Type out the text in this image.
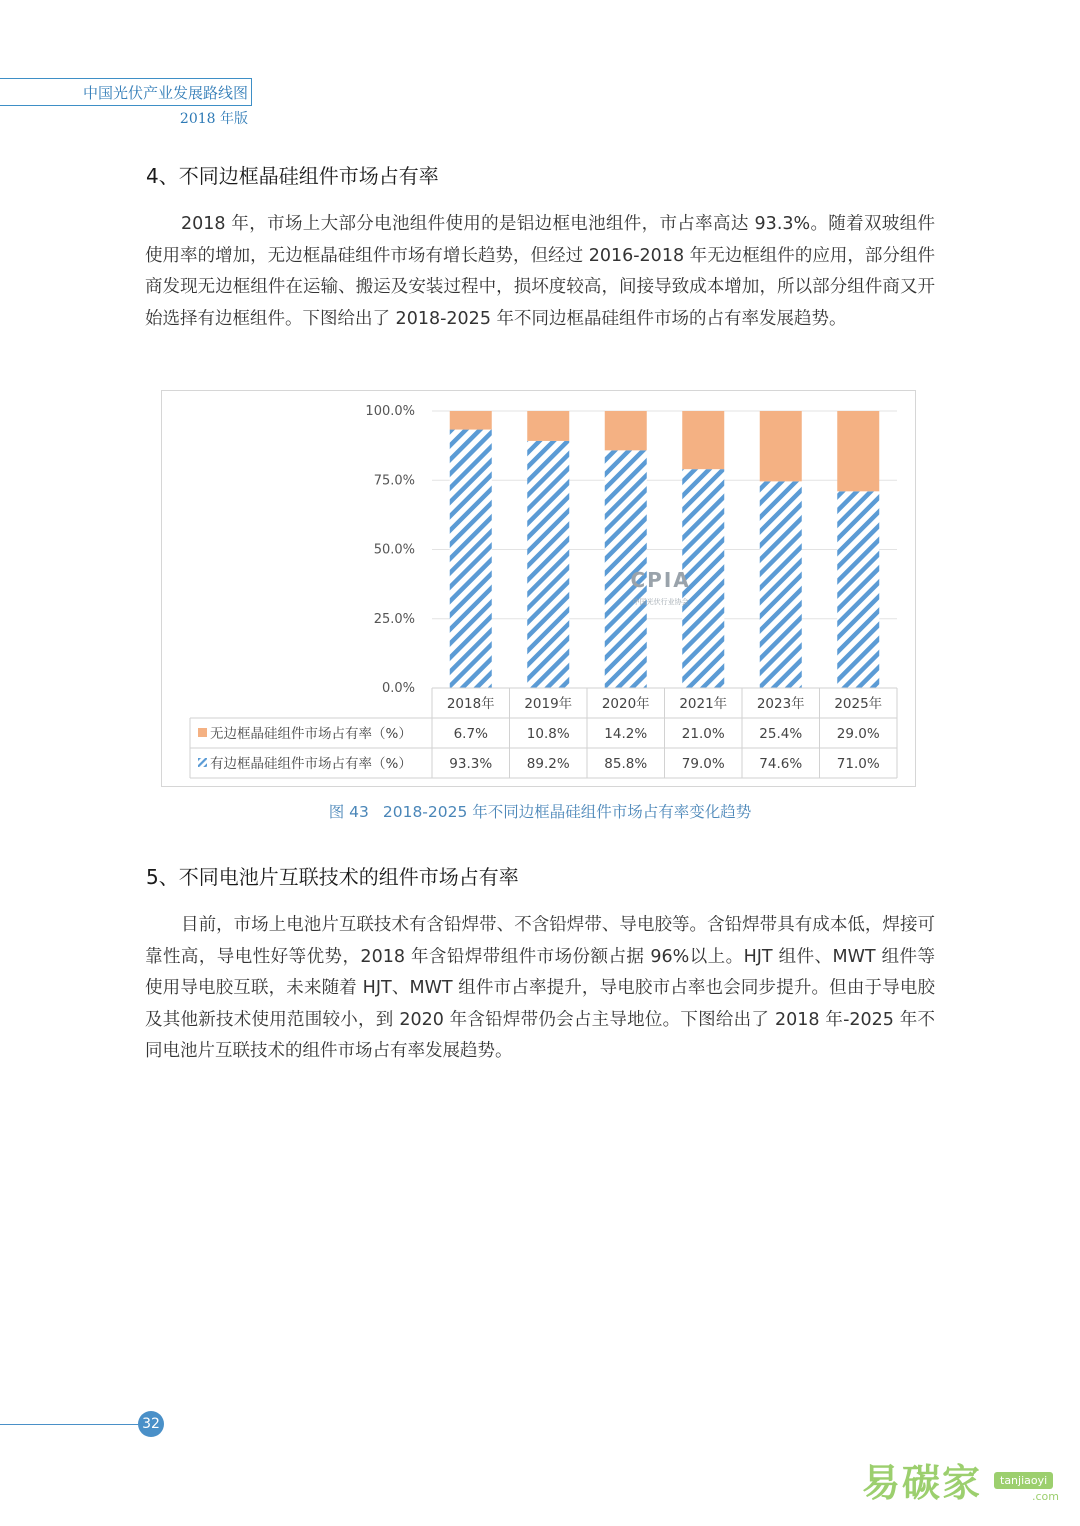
中国光伏产业发展路线图
2018 年版
4、不同边框晶硅组件市场占有率
2018 年，市场上大部分电池组件使用的是铝边框电池组件，市占率高达 93.3%。随着双玻组件使用率的增加，无边框晶硅组件市场有增长趋势，但经过 2016-2018 年无边框组件的应用，部分组件商发现无边框组件在运输、搬运及安装过程中，损坏度较高，间接导致成本增加，所以部分组件商又开始选择有边框组件。下图给出了 2018-2025 年不同边框晶硅组件市场的占有率发展趋势。
0.0%
25.0%
50.0%
75.0%
100.0%
CPIA
中国光伏行业协会
2018年 2019年 2020年 2021年 2023年 2025年
无边框晶硅组件市场占有率（%）	6.7%	10.8%	14.2%	21.0%	25.4%	29.0%
有边框晶硅组件市场占有率（%）	93.3%	89.2%	85.8%	79.0%	74.6%	71.0%
图 43 2018-2025 年不同边框晶硅组件市场占有率变化趋势
5、不同电池片互联技术的组件市场占有率
目前，市场上电池片互联技术有含铅焊带、不含铅焊带、导电胶等。含铅焊带具有成本低，焊接可靠性高，导电性好等优势，2018 年含铅焊带组件市场份额占据 96%以上。HJT 组件、MWT 组件等使用导电胶互联，未来随着 HJT、MWT 组件市占率提升，导电胶市占率也会同步提升。但由于导电胶及其他新技术使用范围较小，到 2020 年含铅焊带仍会占主导地位。下图给出了 2018 年-2025 年不同电池片互联技术的组件市场占有率发展趋势。
32
易碳家	tanjiaoyi
.com
